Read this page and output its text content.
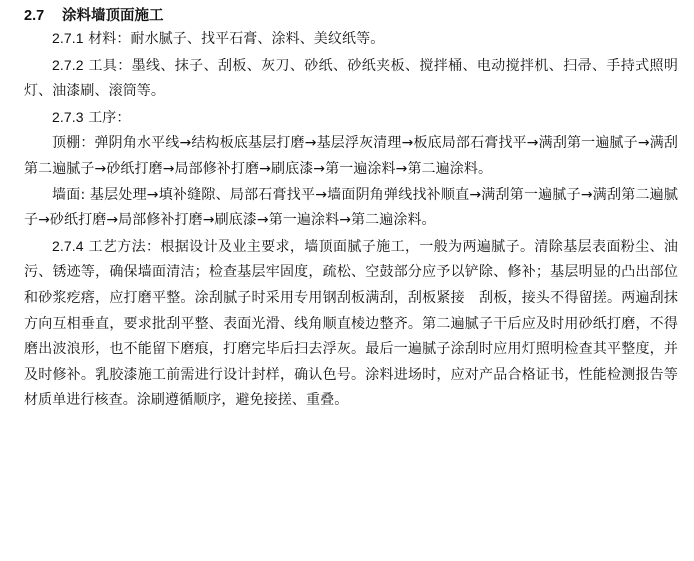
2.7 涂料墙顶面施工

2.7.1 材料：耐水腻子、找平石膏、涂料、美纹纸等。

2.7.2 工具：墨线、抹子、刮板、灰刀、砂纸、砂纸夹板、搅拌桶、电动搅拌机、扫帚、手持式照明灯、油漆刷、滚筒等。

2.7.3 工序：

顶棚：弹阴角水平线→结构板底基层打磨→基层浮灰清理→板底局部石膏找平→满刮第一遍腻子→满刮第二遍腻子→砂纸打磨→局部修补打磨→刷底漆→第一遍涂料→第二遍涂料。

墙面: 基层处理→填补缝隙、局部石膏找平→墙面阴角弹线找补顺直→满刮第一遍腻子→满刮第二遍腻子→砂纸打磨→局部修补打磨→刷底漆→第一遍涂料→第二遍涂料。

2.7.4 工艺方法：根据设计及业主要求，墙顶面腻子施工，一般为两遍腻子。清除基层表面粉尘、油污、锈迹等，确保墙面清洁；检查基层牢固度，疏松、空鼓部分应予以铲除、修补；基层明显的凸出部位和砂浆疙瘩，应打磨平整。涂刮腻子时采用专用钢刮板满刮，刮板紧接　刮板，接头不得留搓。两遍刮抹方向互相垂直，要求批刮平整、表面光滑、线角顺直棱边整齐。第二遍腻子干后应及时用砂纸打磨，不得磨出波浪形，也不能留下磨痕，打磨完毕后扫去浮灰。最后一遍腻子涂刮时应用灯照明检查其平整度，并及时修补。乳胶漆施工前需进行设计封样，确认色号。涂料进场时，应对产品合格证书，性能检测报告等材质单进行核查。涂刷遵循顺序，避免接搓、重叠。
